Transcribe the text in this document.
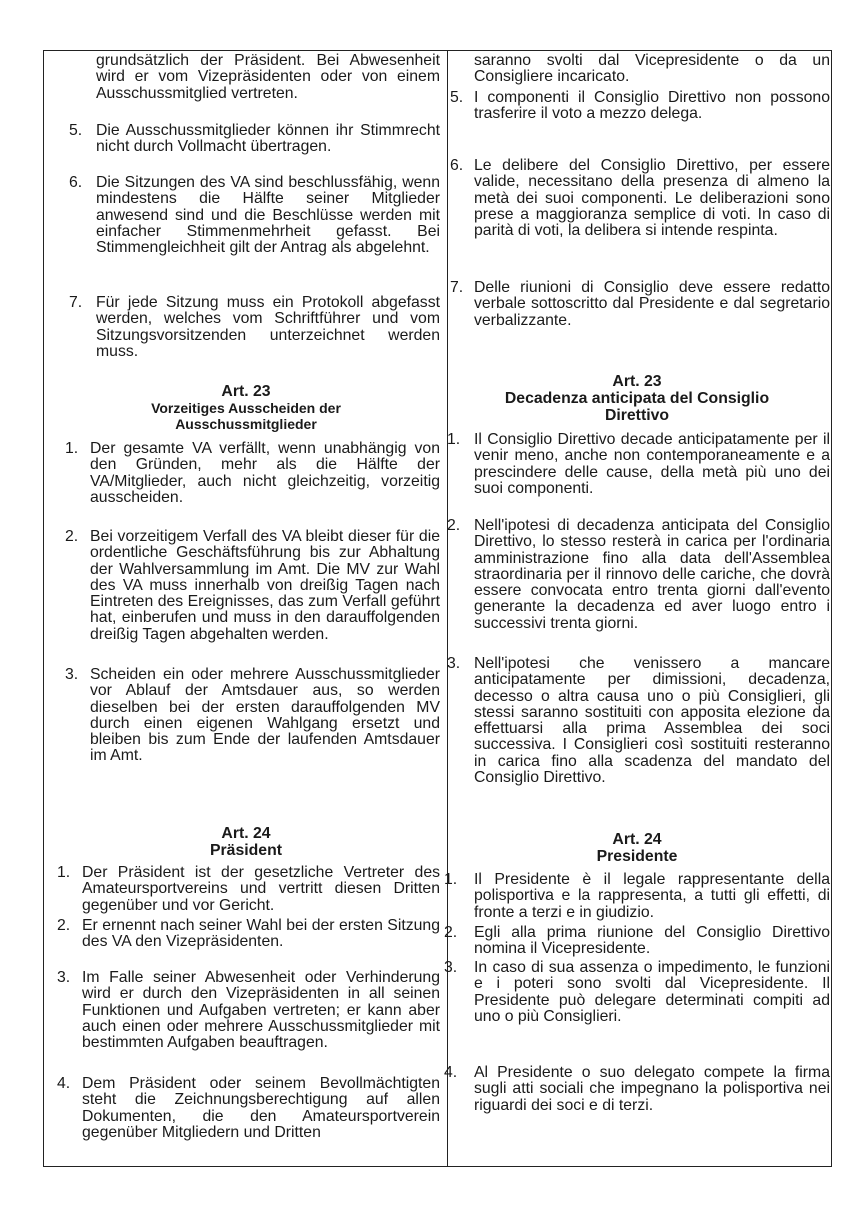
grundsätzlich der Präsident. Bei Abwesenheit wird er vom Vizepräsidenten oder von einem Ausschussmitglied vertreten.

5. Die Ausschussmitglieder können ihr Stimmrecht nicht durch Vollmacht übertragen.

6. Die Sitzungen des VA sind beschlussfähig, wenn mindestens die Hälfte seiner Mitglieder anwesend sind und die Beschlüsse werden mit einfacher Stimmenmehrheit gefasst. Bei Stimmengleichheit gilt der Antrag als abgelehnt.

7. Für jede Sitzung muss ein Protokoll abgefasst werden, welches vom Schriftführer und vom Sitzungsvorsitzenden unterzeichnet werden muss.

Art. 23
Vorzeitiges Ausscheiden der Ausschussmitglieder
1. Der gesamte VA verfällt, wenn unabhängig von den Gründen, mehr als die Hälfte der VA/Mitglieder, auch nicht gleichzeitig, vorzeitig ausscheiden.

2. Bei vorzeitigem Verfall des VA bleibt dieser für die ordentliche Geschäftsführung bis zur Abhaltung der Wahlversammlung im Amt. Die MV zur Wahl des VA muss innerhalb von dreißig Tagen nach Eintreten des Ereignisses, das zum Verfall geführt hat, einberufen und muss in den darauffolgenden dreißig Tagen abgehalten werden.

3. Scheiden ein oder mehrere Ausschussmitglieder vor Ablauf der Amtsdauer aus, so werden dieselben bei der ersten darauffolgenden MV durch einen eigenen Wahlgang ersetzt und bleiben bis zum Ende der laufenden Amtsdauer im Amt.

Art. 24
Präsident
1. Der Präsident ist der gesetzliche Vertreter des Amateursportvereins und vertritt diesen Dritten gegenüber und vor Gericht.

2. Er ernennt nach seiner Wahl bei der ersten Sitzung des VA den Vizepräsidenten.

3. Im Falle seiner Abwesenheit oder Verhinderung wird er durch den Vizepräsidenten in all seinen Funktionen und Aufgaben vertreten; er kann aber auch einen oder mehrere Ausschussmitglieder mit bestimmten Aufgaben beauftragen.

4. Dem Präsident oder seinem Bevollmächtigten steht die Zeichnungsberechtigung auf allen Dokumenten, die den Amateursportverein gegenüber Mitgliedern und Dritten

saranno svolti dal Vicepresidente o da un Consigliere incaricato.

5. I componenti il Consiglio Direttivo non possono trasferire il voto a mezzo delega.

6. Le delibere del Consiglio Direttivo, per essere valide, necessitano della presenza di almeno la metà dei suoi componenti. Le deliberazioni sono prese a maggioranza semplice di voti. In caso di parità di voti, la delibera si intende respinta.

7. Delle riunioni di Consiglio deve essere redatto verbale sottoscritto dal Presidente e dal segretario verbalizzante.

Art. 23
Decadenza anticipata del Consiglio Direttivo
1. Il Consiglio Direttivo decade anticipatamente per il venir meno, anche non contemporaneamente e a prescindere delle cause, della metà più uno dei suoi componenti.

2. Nell'ipotesi di decadenza anticipata del Consiglio Direttivo, lo stesso resterà in carica per l'ordinaria amministrazione fino alla data dell'Assemblea straordinaria per il rinnovo delle cariche, che dovrà essere convocata entro trenta giorni dall'evento generante la decadenza ed aver luogo entro i successivi trenta giorni.

3. Nell'ipotesi che venissero a mancare anticipatamente per dimissioni, decadenza, decesso o altra causa uno o più Consiglieri, gli stessi saranno sostituiti con apposita elezione da effettuarsi alla prima Assemblea dei soci successiva. I Consiglieri così sostituiti resteranno in carica fino alla scadenza del mandato del Consiglio Direttivo.

Art. 24
Presidente
1. Il Presidente è il legale rappresentante della polisportiva e la rappresenta, a tutti gli effetti, di fronte a terzi e in giudizio.

2. Egli alla prima riunione del Consiglio Direttivo nomina il Vicepresidente.

3. In caso di sua assenza o impedimento, le funzioni e i poteri sono svolti dal Vicepresidente. Il Presidente può delegare determinati compiti ad uno o più Consiglieri.

4. Al Presidente o suo delegato compete la firma sugli atti sociali che impegnano la polisportiva nei riguardi dei soci e di terzi.
